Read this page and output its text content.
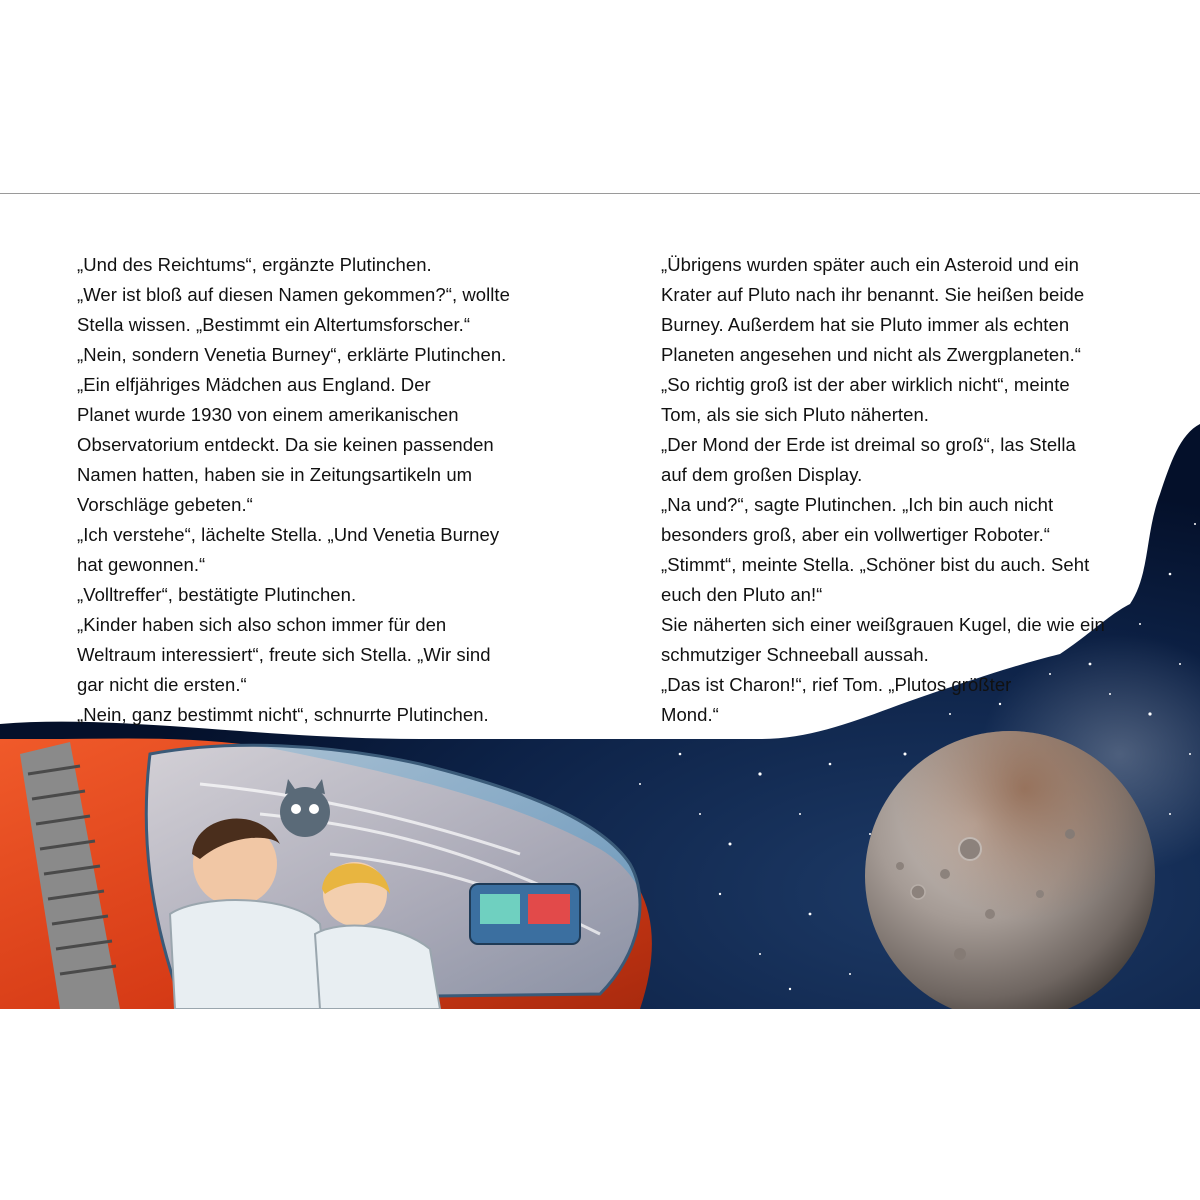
„Und des Reichtums“, ergänzte Plutinchen.

„Wer ist bloß auf diesen Namen gekommen?“, wollte

Stella wissen. „Bestimmt ein Altertumsforscher.“

„Nein, sondern Venetia Burney“, erklärte Plutinchen.

„Ein elfjähriges Mädchen aus England. Der

Planet wurde 1930 von einem amerikanischen

Observatorium entdeckt. Da sie keinen passenden

Namen hatten, haben sie in Zeitungsartikeln um

Vorschläge gebeten.“

„Ich verstehe“, lächelte Stella. „Und Venetia Burney

hat gewonnen.“

„Volltreffer“, bestätigte Plutinchen.

„Kinder haben sich also schon immer für den

Weltraum interessiert“, freute sich Stella. „Wir sind

gar nicht die ersten.“

„Nein, ganz bestimmt nicht“, schnurrte Plutinchen.

„Übrigens wurden später auch ein Asteroid und ein

Krater auf Pluto nach ihr benannt. Sie heißen beide

Burney. Außerdem hat sie Pluto immer als echten

Planeten angesehen und nicht als Zwergplaneten.“

„So richtig groß ist der aber wirklich nicht“, meinte

Tom, als sie sich Pluto näherten.

„Der Mond der Erde ist dreimal so groß“, las Stella

auf dem großen Display.

„Na und?“, sagte Plutinchen. „Ich bin auch nicht

besonders groß, aber ein vollwertiger Roboter.“

„Stimmt“, meinte Stella. „Schöner bist du auch. Seht

euch den Pluto an!“

Sie näherten sich einer weißgrauen Kugel, die wie ein

schmutziger Schneeball aussah.

„Das ist Charon!“, rief Tom. „Plutos größter

Mond.“
